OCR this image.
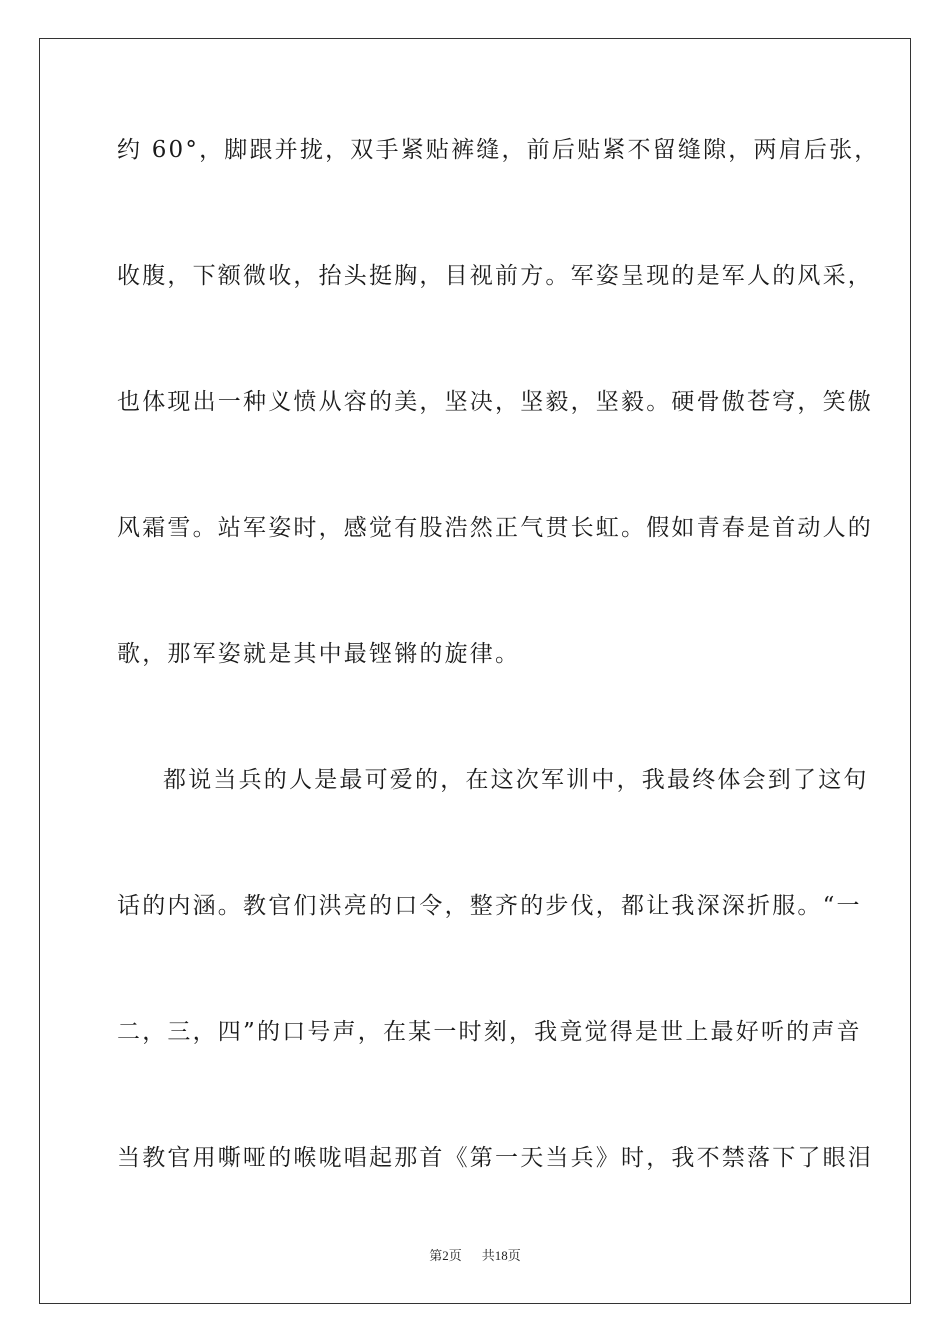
约 60°，脚跟并拢，双手紧贴裤缝，前后贴紧不留缝隙，两肩后张，
收腹，下额微收，抬头挺胸，目视前方。军姿呈现的是军人的风采，
也体现出一种义愤从容的美，坚决，坚毅，坚毅。硬骨傲苍穹，笑傲
风霜雪。站军姿时，感觉有股浩然正气贯长虹。假如青春是首动人的
歌，那军姿就是其中最铿锵的旋律。
都说当兵的人是最可爱的，在这次军训中，我最终体会到了这句
话的内涵。教官们洪亮的口令，整齐的步伐，都让我深深折服。“一
二，三，四”的口号声，在某一时刻，我竟觉得是世上最好听的声音
当教官用嘶哑的喉咙唱起那首《第一天当兵》时，我不禁落下了眼泪
第2页 共18页
